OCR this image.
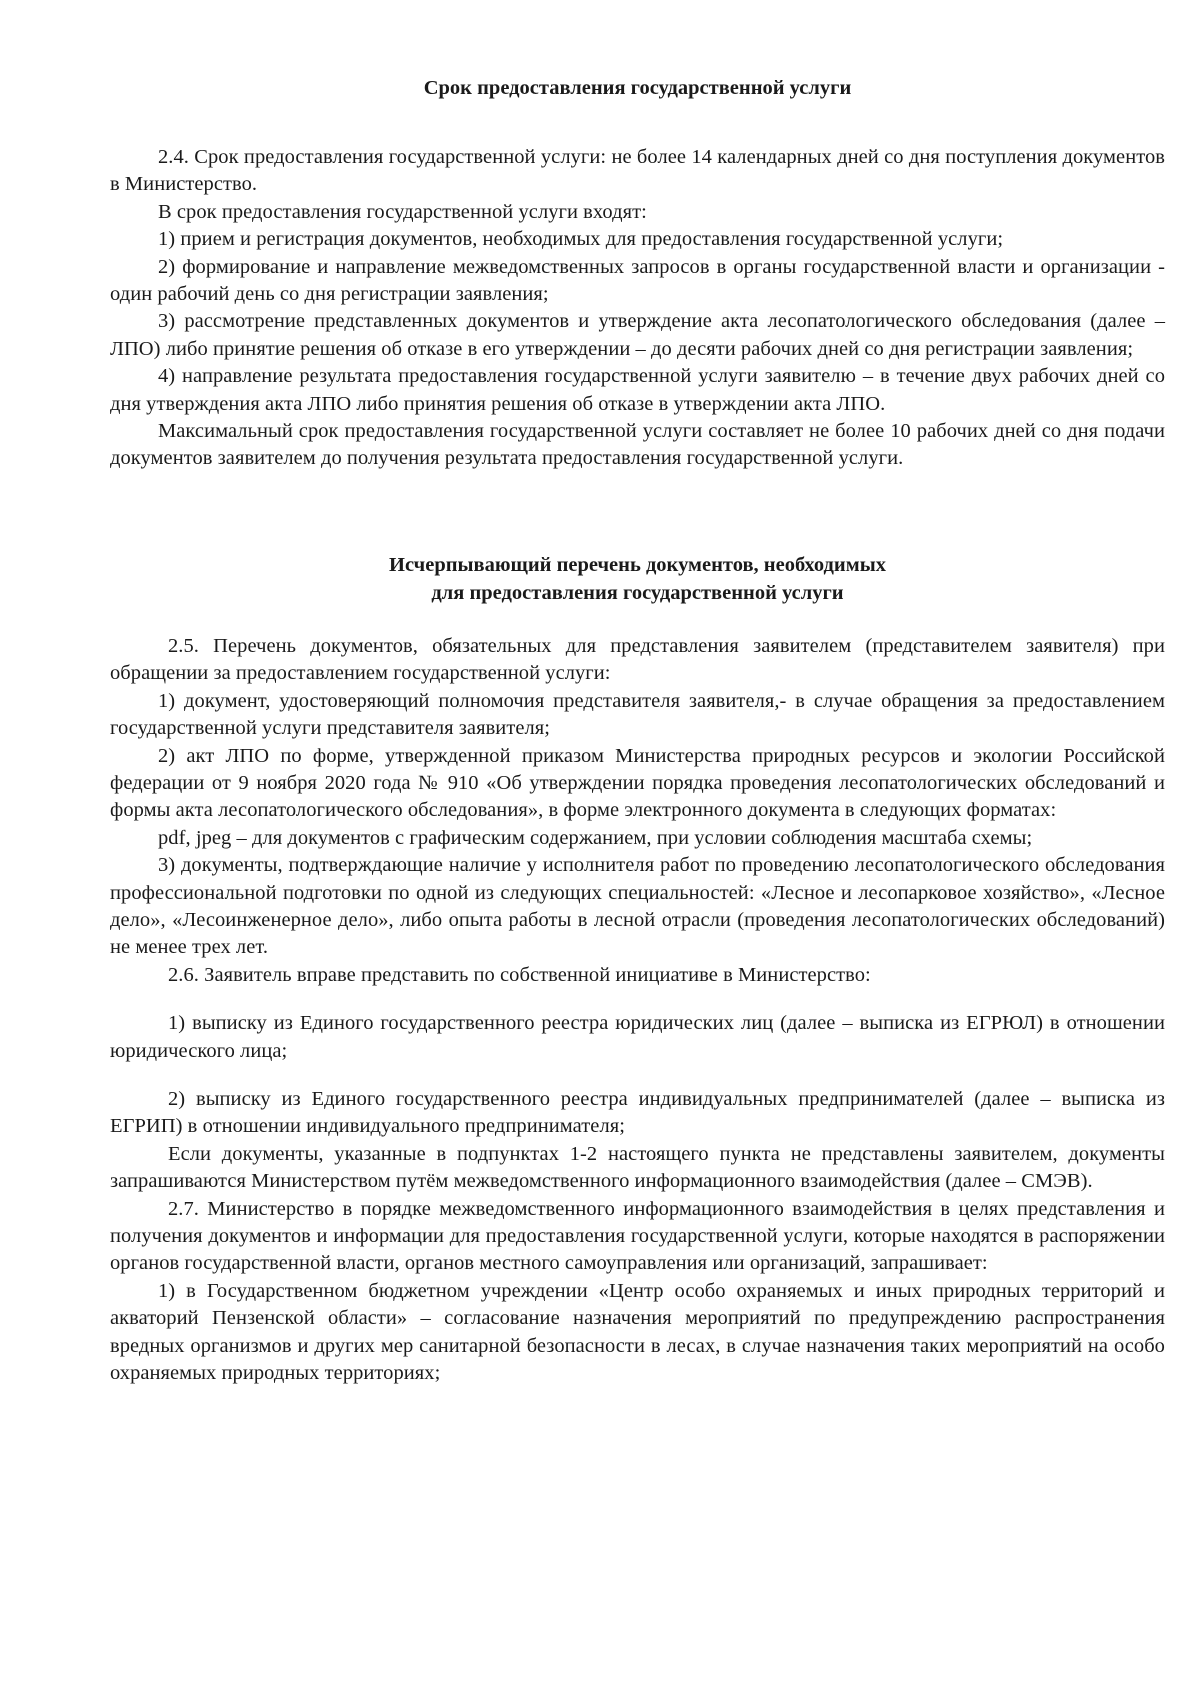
Срок предоставления государственной услуги

2.4. Срок предоставления государственной услуги: не более 14 календарных дней со дня поступления документов в Министерство.

В срок предоставления государственной услуги входят:

1) прием и регистрация документов, необходимых для предоставления государственной услуги;

2) формирование и направление межведомственных запросов в органы государственной власти и организации - один рабочий день со дня регистрации заявления;

3) рассмотрение представленных документов и утверждение акта лесопатологического обследования (далее – ЛПО) либо принятие решения об отказе в его утверждении – до десяти рабочих дней со дня регистрации заявления;

4) направление результата предоставления государственной услуги заявителю – в течение двух рабочих дней со дня утверждения акта ЛПО либо принятия решения об отказе в утверждении акта ЛПО.

Максимальный срок предоставления государственной услуги составляет не более 10 рабочих дней со дня подачи документов заявителем до получения результата предоставления государственной услуги.

Исчерпывающий перечень документов, необходимых

для предоставления государственной услуги

2.5. Перечень документов, обязательных для представления заявителем (представителем заявителя) при обращении за предоставлением государственной услуги:

1) документ, удостоверяющий полномочия представителя заявителя,- в случае обращения за предоставлением государственной услуги представителя заявителя;

2) акт ЛПО по форме, утвержденной приказом Министерства природных ресурсов и экологии Российской федерации от 9 ноября 2020 года № 910 «Об утверждении порядка проведения лесопатологических обследований и формы акта лесопатологического обследования», в форме электронного документа в следующих форматах:

pdf, jpeg – для документов с графическим содержанием, при условии соблюдения масштаба схемы;

3) документы, подтверждающие наличие у исполнителя работ по проведению лесопатологического обследования профессиональной подготовки по одной из следующих специальностей: «Лесное и лесопарковое хозяйство», «Лесное дело», «Лесоинженерное дело», либо опыта работы в лесной отрасли (проведения лесопатологических обследований) не менее трех лет.

2.6. Заявитель вправе представить по собственной инициативе в Министерство:

1) выписку из Единого государственного реестра юридических лиц (далее – выписка из ЕГРЮЛ) в отношении юридического лица;

2) выписку из Единого государственного реестра индивидуальных предпринимателей (далее – выписка из ЕГРИП) в отношении индивидуального предпринимателя;

Если документы, указанные в подпунктах 1-2 настоящего пункта не представлены заявителем, документы запрашиваются Министерством путём межведомственного информационного взаимодействия (далее – СМЭВ).

2.7. Министерство в порядке межведомственного информационного взаимодействия в целях представления и получения документов и информации для предоставления государственной услуги, которые находятся в распоряжении органов государственной власти, органов местного самоуправления или организаций, запрашивает:

1) в Государственном бюджетном учреждении «Центр особо охраняемых и иных природных территорий и акваторий Пензенской области» – согласование назначения мероприятий по предупреждению распространения вредных организмов и других мер санитарной безопасности в лесах, в случае назначения таких мероприятий на особо охраняемых природных территориях;
